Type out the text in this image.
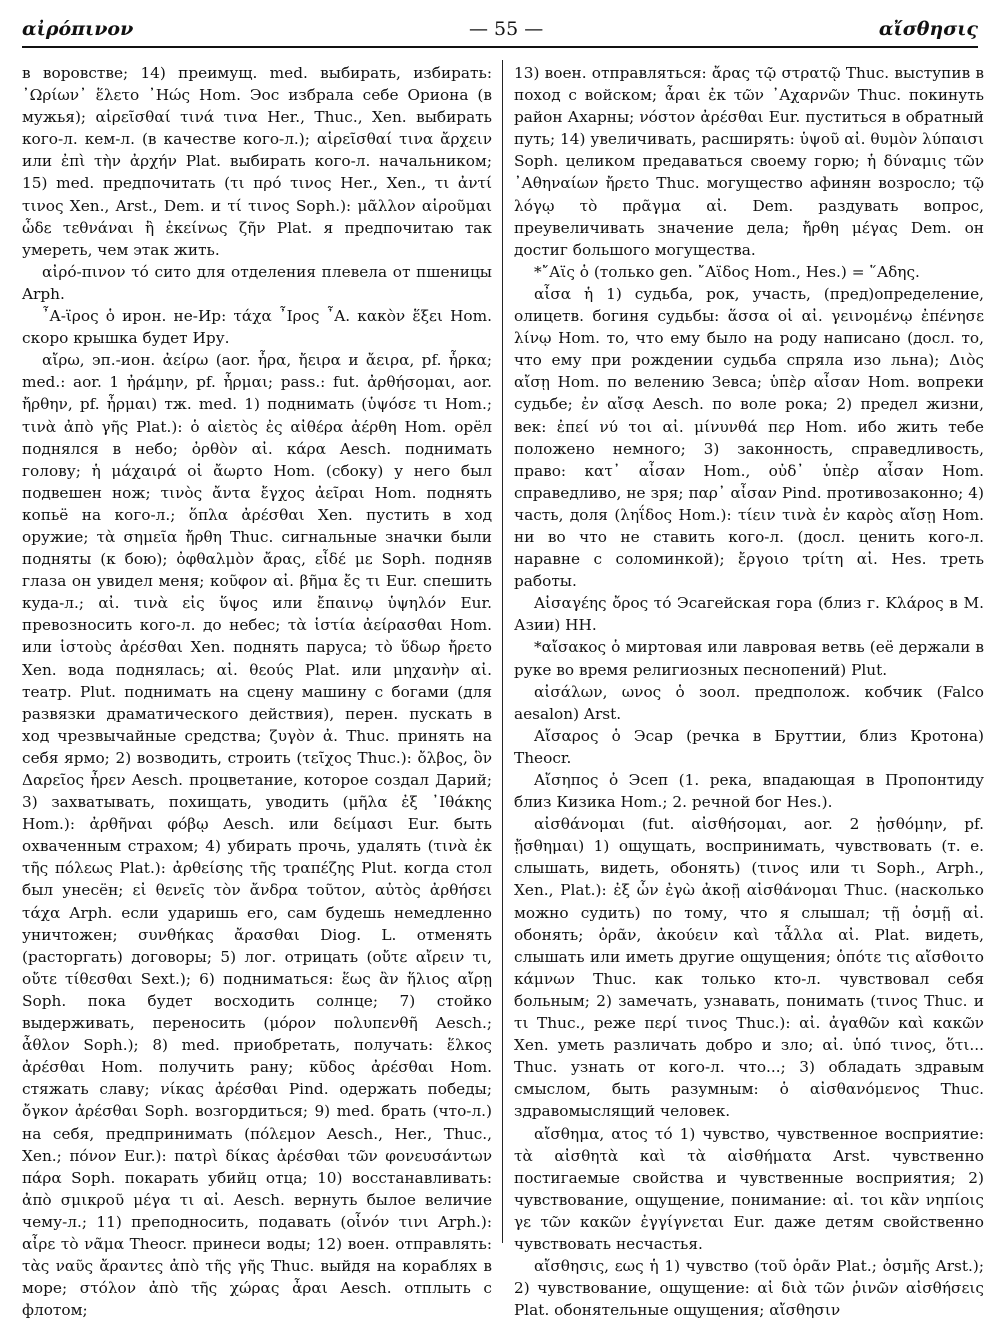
αἰρόπινον	— 55 —	αἴσθησις

в воровстве; 14) преимущ. med. выбирать, избирать: ᾽Ωρίων᾽ ἕλετο ᾽Ηώς Hom. Эос избрала себе Ориона (в мужья); αἱρεῖσθαί τινά τινα Her., Thuc., Xen. выбирать кого-л. кем-л. (в качестве кого-л.); αἱρεῖσθαί τινα ἄρχειν или ἐπὶ τὴν ἀρχήν Plat. выбирать кого-л. начальником; 15) med. предпочитать (τι πρό τινος Her., Xen., τι ἀντί τινος Xen., Arst., Dem. и τί τινος Soph.): μᾶλλον αἱροῦμαι ὧδε τεθνάναι ἢ ἐκείνως ζῆν Plat. я предпочитаю так умереть, чем этак жить.

αἰρό-πινον τό сито для отделения плевела от пшеницы Arph.

῏Α-ϊρος ὁ ирон. не-Ир: τάχα ῏Ιρος ῏Α. κακὸν ἕξει Hom. скоро крышка будет Иру.

αἴρω, эп.-ион. ἀείρω (aor. ἦρα, ἤειρα и ἄειρα, pf. ἦρκα; med.: aor. 1 ἠράμην, pf. ἦρμαι; pass.: fut. ἀρθήσομαι, aor. ἤρθην, pf. ἦρμαι) тж. med. 1) поднимать (ὑψόσε τι Hom.; τινὰ ἀπὸ γῆς Plat.): ὁ αἰετὸς ἐς αἰθέρα ἀέρθη Hom. орёл поднялся в небо; ὀρθὸν αἰ. κάρα Aesch. поднимать голову; ἡ μάχαιρά οἱ ἄωρτο Hom. (сбоку) у него был подвешен нож; τινὸς ἄντα ἔγχος ἀεῖραι Hom. поднять копьё на кого-л.; ὅπλα ἀρέσθαι Xen. пустить в ход оружие; τὰ σημεῖα ἤρθη Thuc. сигнальные значки были подняты (к бою); ὀφθαλμὸν ἄρας, εἶδέ με Soph. подняв глаза он увидел меня; κοῦφον αἰ. βῆμα ἔς τι Eur. спешить куда-л.; αἰ. τινὰ εἰς ὕψος или ἔπαινῳ ὑψηλόν Eur. превозносить кого-л. до небес; τὰ ἱστία ἀείρασθαι Hom. или ἱστοὺς ἀρέσθαι Xen. поднять паруса; τὸ ὕδωρ ἤρετο Xen. вода поднялась; αἰ. θεούς Plat. или μηχανὴν αἰ. театр. Plut. поднимать на сцену машину с богами (для развязки драматического действия), перен. пускать в ход чрезвычайные средства; ζυγὸν ἀ. Thuc. принять на себя ярмо; 2) возводить, строить (τεῖχος Thuc.): ὄλβος, ὃν Δαρεῖος ἦρεν Aesch. процветание, которое создал Дарий; 3) захватывать, похищать, уводить (μῆλα ἐξ ᾽Ιθάκης Hom.): ἀρθῆναι φόβῳ Aesch. или δείμασι Eur. быть охваченным страхом; 4) убирать прочь, удалять (τινὰ ἐκ τῆς πόλεως Plat.): ἀρθείσης τῆς τραπέζης Plut. когда стол был унесён; εἰ θενεῖς τὸν ἄνδρα τοῦτον, αὐτὸς ἀρθήσει τάχα Arph. если ударишь его, сам будешь немедленно уничтожен; συνθήκας ἄρασθαι Diog. L. отменять (расторгать) договоры; 5) лог. отрицать (οὔτε αἴρειν τι, οὔτε τίθεσθαι Sext.); 6) подниматься: ἕως ἂν ἥλιος αἴρῃ Soph. пока будет восходить солнце; 7) стойко выдерживать, переносить (μόρον πολυπενθῆ Aesch.; ἆθλον Soph.); 8) med. приобретать, получать: ἕλκος ἀρέσθαι Hom. получить рану; κῦδος ἀρέσθαι Hom. стяжать славу; νίκας ἀρέσθαι Pind. одержать победы; ὄγκον ἀρέσθαι Soph. возгордиться; 9) med. брать (что-л.) на себя, предпринимать (πόλεμον Aesch., Her., Thuc., Xen.; πόνον Eur.): πατρὶ δίκας ἀρέσθαι τῶν φονευσάντων πάρα Soph. покарать убийц отца; 10) восстанавливать: ἀπὸ σμικροῦ μέγα τι αἰ. Aesch. вернуть былое величие чему-л.; 11) преподносить, подавать (οἶνόν τινι Arph.): αἶρε τὸ νᾶμα Theocr. принеси воды; 12) воен. отправлять: τὰς ναῦς ἄραντες ἀπὸ τῆς γῆς Thuc. выйдя на кораблях в море; στόλον ἀπὸ τῆς χώρας ἆραι Aesch. отплыть с флотом;

13) воен. отправляться: ἄρας τῷ στρατῷ Thuc. выступив в поход с войском; ἆραι ἐκ τῶν ᾽Αχαρνῶν Thuc. покинуть район Ахарны; νόστον ἀρέσθαι Eur. пуститься в обратный путь; 14) увеличивать, расширять: ὑψοῦ αἰ. θυμὸν λύπαισι Soph. целиком предаваться своему горю; ἡ δύναμις τῶν ᾽Αθηναίων ἤρετο Thuc. могущество афинян возросло; τῷ λόγῳ τὸ πρᾶγμα αἰ. Dem. раздувать вопрос, преувеличивать значение дела; ἤρθη μέγας Dem. он достиг большого могущества.

*῎Αϊς ὁ (только gen. ῎Αϊδος Hom., Hes.) = ῞Αδης.

αἶσα ἡ 1) судьба, рок, участь, (пред)определение, олицетв. богиня судьбы: ἅσσα οἱ αἰ. γεινομένῳ ἐπένησε λίνῳ Hom. то, что ему было на роду написано (досл. то, что ему при рождении судьба спряла изо льна); Διὸς αἴσῃ Hom. по велению Зевса; ὑπὲρ αἶσαν Hom. вопреки судьбе; ἐν αἴσᾳ Aesch. по воле рока; 2) предел жизни, век: ἐπεί νύ τοι αἰ. μίνυνθά περ Hom. ибо жить тебе положено немного; 3) законность, справедливость, право: κατ᾽ αἶσαν Hom., οὐδ᾽ ὑπὲρ αἶσαν Hom. справедливо, не зря; παρ᾽ αἶσαν Pind. противозаконно; 4) часть, доля (ληΐδος Hom.): τίειν τινὰ ἐν καρὸς αἴσῃ Hom. ни во что не ставить кого-л. (досл. ценить кого-л. наравне с соломинкой); ἔργοιο τρίτη αἰ. Hes. треть работы.

Αἰσαγέης ὄρος τό Эсагейская гора (близ г. Κλάρος в М. Азии) HH.

*αἴσακος ὁ миртовая или лавровая ветвь (её держали в руке во время религиозных песнопений) Plut.

αἰσάλων, ωνος ὁ зоол. предполож. кобчик (Falco aesalon) Arst.

Αἴσαρος ὁ Эсар (речка в Бруттии, близ Кротона) Theocr.

Αἴσηπος ὁ Эсеп (1. река, впадающая в Пропонтиду близ Кизика Hom.; 2. речной бог Hes.).

αἰσθάνομαι (fut. αἰσθήσομαι, aor. 2 ᾐσθόμην, pf. ᾔσθημαι) 1) ощущать, воспринимать, чувствовать (т. е. слышать, видеть, обонять) (τινος или τι Soph., Arph., Xen., Plat.): ἐξ ὧν ἐγὼ ἀκοῇ αἰσθάνομαι Thuc. (насколько можно судить) по тому, что я слышал; τῇ ὀσμῇ αἰ. обонять; ὁρᾶν, ἀκούειν καὶ τἆλλα αἰ. Plat. видеть, слышать или иметь другие ощущения; ὁπότε τις αἴσθοιτο κάμνων Thuc. как только кто-л. чувствовал себя больным; 2) замечать, узнавать, понимать (τινος Thuc. и τι Thuc., реже περί τινος Thuc.): αἰ. ἀγαθῶν καὶ κακῶν Xen. уметь различать добро и зло; αἰ. ὑπό τινος, ὅτι... Thuc. узнать от кого-л. что...; 3) обладать здравым смыслом, быть разумным: ὁ αἰσθανόμενος Thuc. здравомыслящий человек.

αἴσθημα, ατος τό 1) чувство, чувственное восприятие: τὰ αἰσθητὰ καὶ τὰ αἰσθήματα Arst. чувственно постигаемые свойства и чувственные восприятия; 2) чувствование, ощущение, понимание: αἰ. τοι κἂν νηπίοις γε τῶν κακῶν ἐγγίγνεται Eur. даже детям свойственно чувствовать несчастья.

αἴσθησις, εως ἡ 1) чувство (τοῦ ὁρᾶν Plat.; ὀσμῆς Arst.); 2) чувствование, ощущение: αἱ διὰ τῶν ῥινῶν αἰσθήσεις Plat. обонятельные ощущения; αἴσθησιν
